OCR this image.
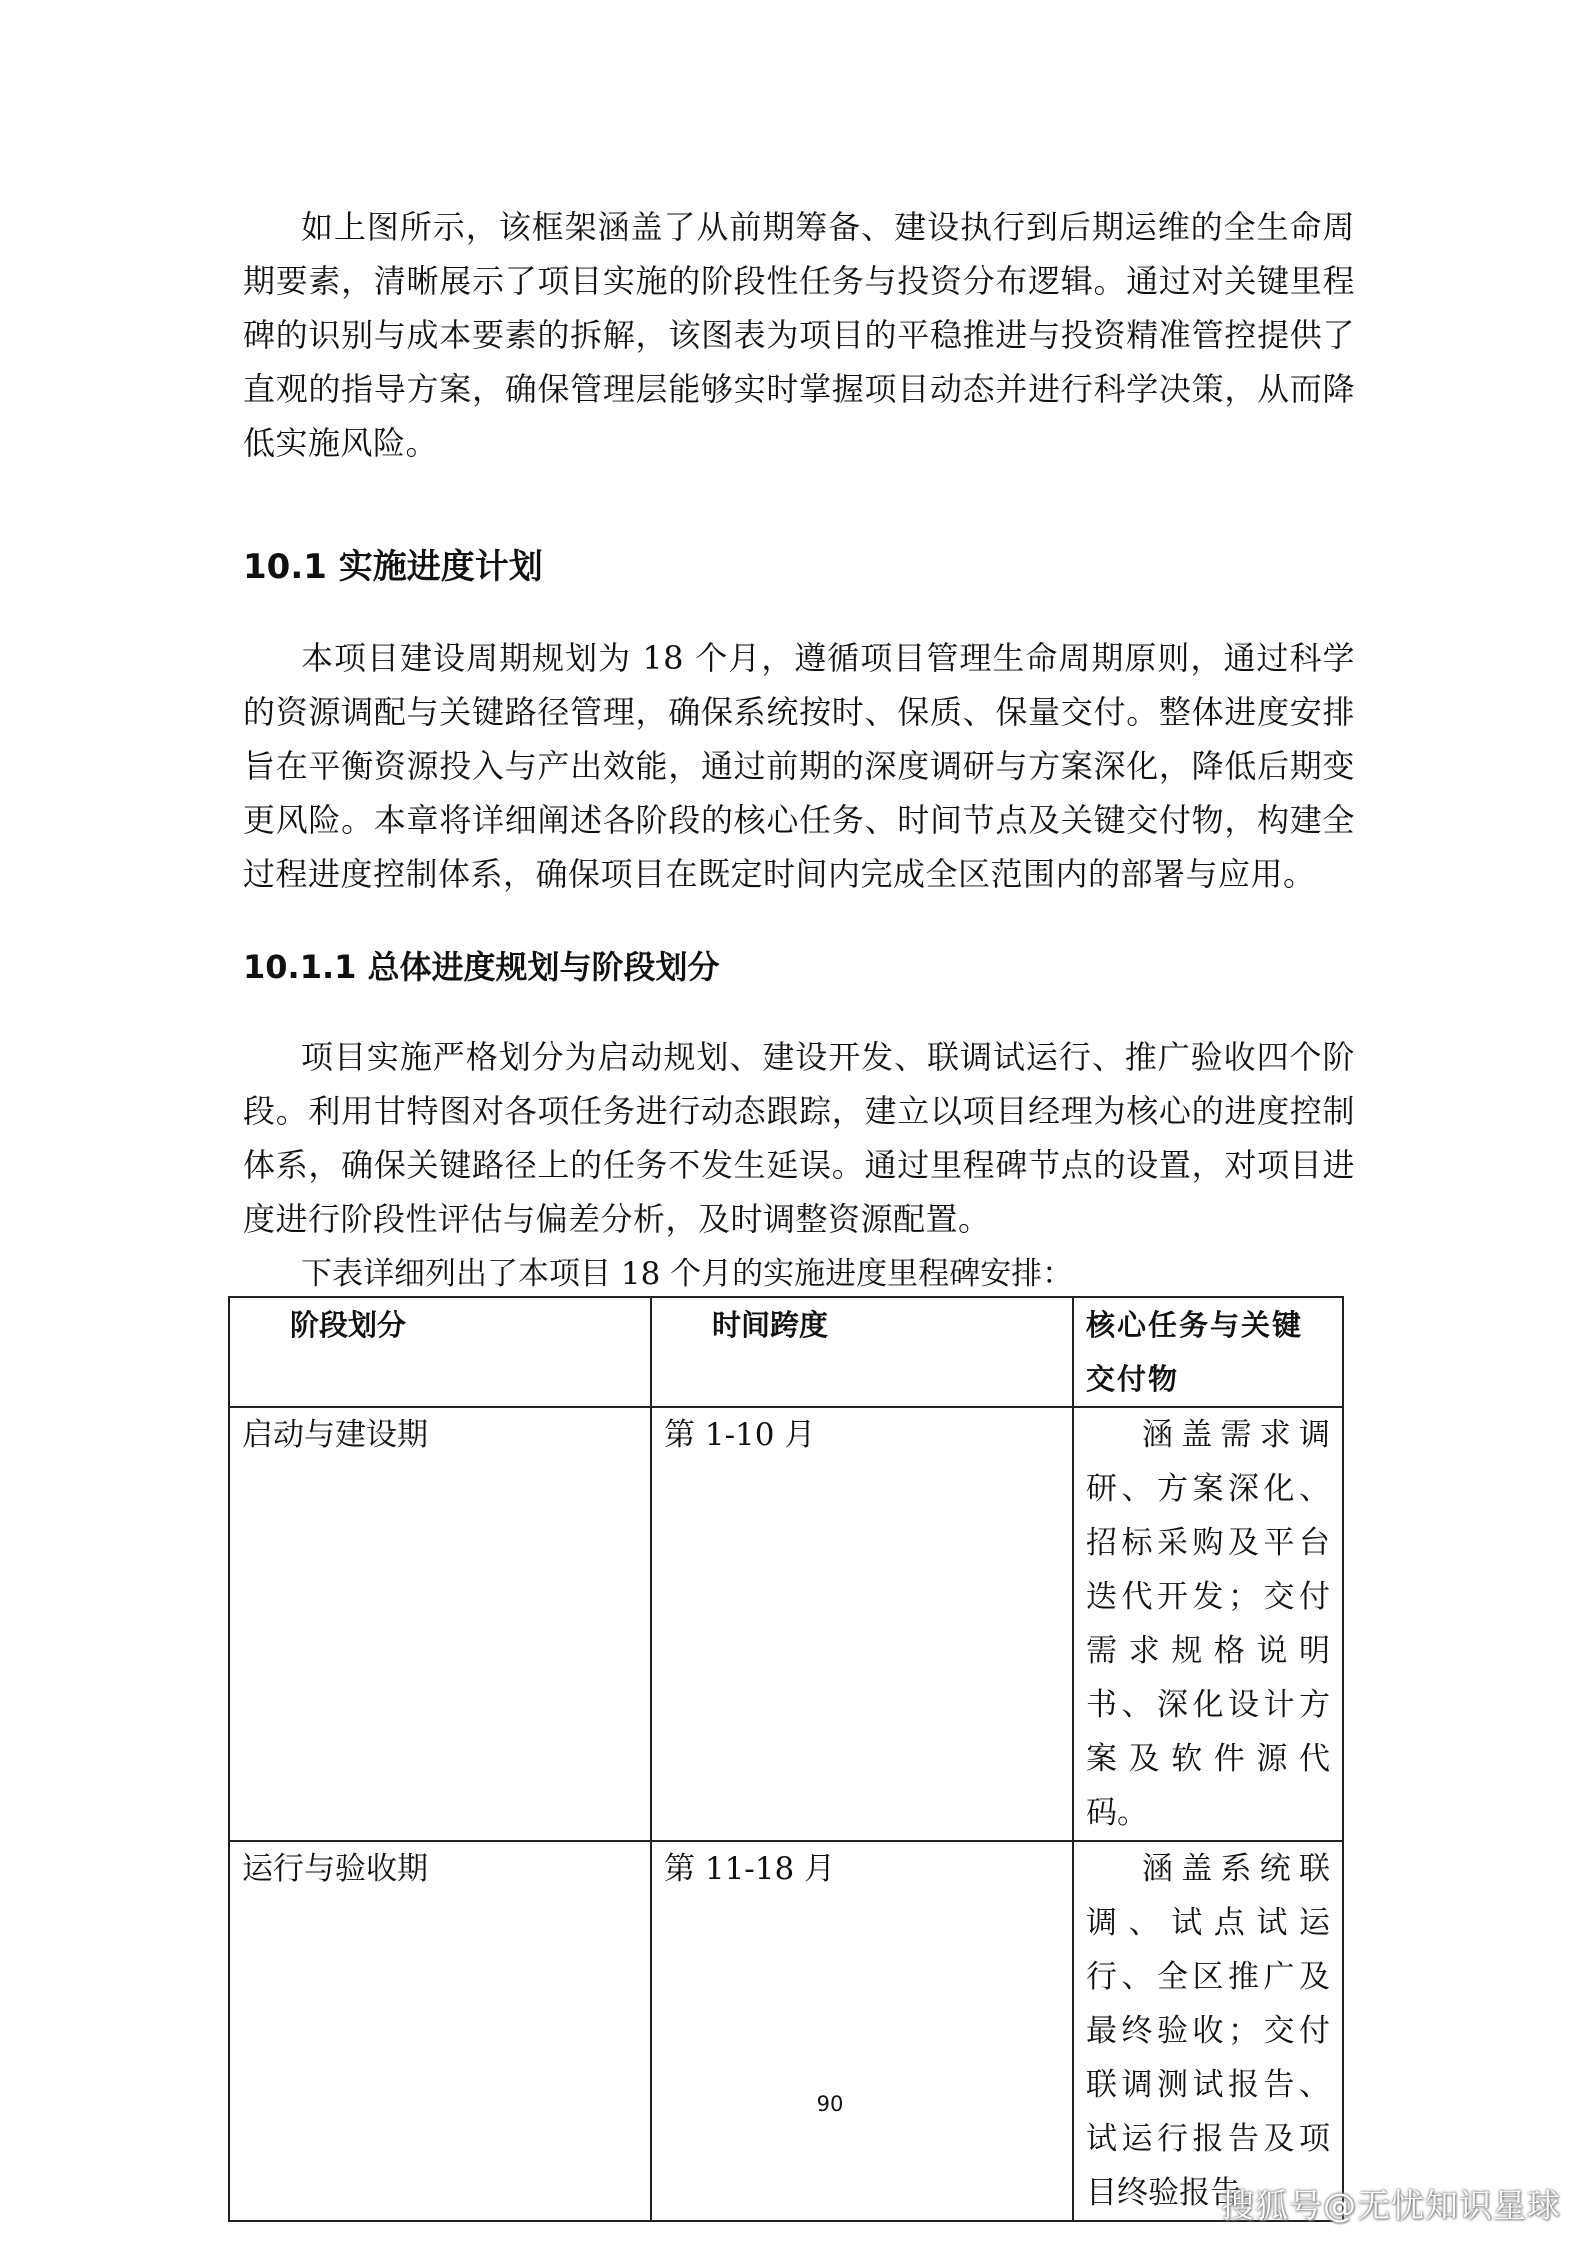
如上图所示，该框架涵盖了从前期筹备、建设执行到后期运维的全生命周期要素，清晰展示了项目实施的阶段性任务与投资分布逻辑。通过对关键里程碑的识别与成本要素的拆解，该图表为项目的平稳推进与投资精准管控提供了直观的指导方案，确保管理层能够实时掌握项目动态并进行科学决策，从而降低实施风险。

10.1 实施进度计划

本项目建设周期规划为 18 个月，遵循项目管理生命周期原则，通过科学的资源调配与关键路径管理，确保系统按时、保质、保量交付。整体进度安排旨在平衡资源投入与产出效能，通过前期的深度调研与方案深化，降低后期变更风险。本章将详细阐述各阶段的核心任务、时间节点及关键交付物，构建全过程进度控制体系，确保项目在既定时间内完成全区范围内的部署与应用。

10.1.1 总体进度规划与阶段划分

项目实施严格划分为启动规划、建设开发、联调试运行、推广验收四个阶段。利用甘特图对各项任务进行动态跟踪，建立以项目经理为核心的进度控制体系，确保关键路径上的任务不发生延误。通过里程碑节点的设置，对项目进度进行阶段性评估与偏差分析，及时调整资源配置。

下表详细列出了本项目 18 个月的实施进度里程碑安排：

阶段划分	时间跨度	核心任务与关键交付物
启动与建设期	第 1-10 月	涵盖需求调研、方案深化、招标采购及平台迭代开发；交付需求规格说明书、深化设计方案及软件源代码。
运行与验收期	第 11-18 月	涵盖系统联调、试点试运行、全区推广及最终验收；交付联调测试报告、试运行报告及项目终验报告。
90
搜狐号@无忧知识星球
